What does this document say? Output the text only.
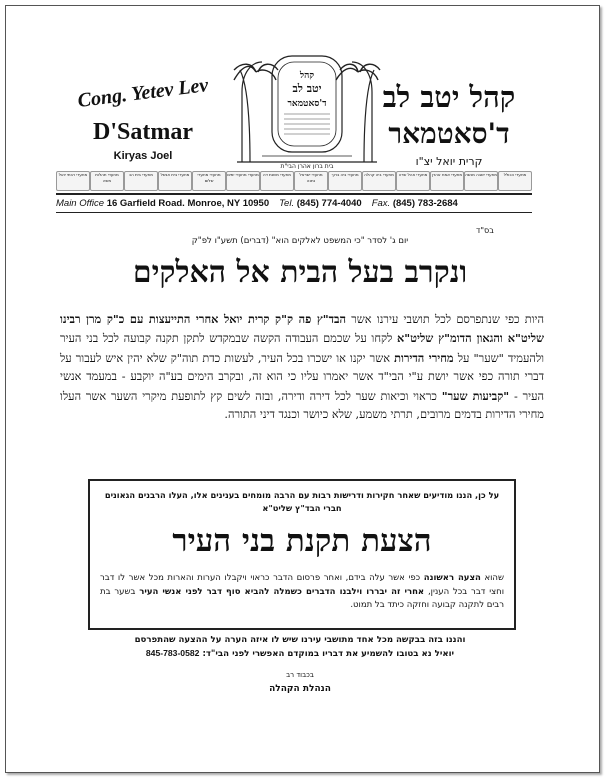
Cong. Yetev Lev
D'Satmar
Kiryas Joel
קהל
יטב לב
ד'סאטמאר
בית ברון אהרן הבי"ת
קהל יטב לב
ד'סאטמאר
קרית יואל יצ"ו
מחעדי הכולל
מחעדי ישבה מנשה
מחעדי אמח אהרן
מחעדי אהל שרה
מחעדי ביה קהלה
מחעדי ביה ברוך
מחעדי ישראל נתנה
מחעדי משנת דה
מחעדי מחעדי ימים
מחעדי מחעדי שלום
מחעדי בית אנשל
מחעדי בית הכ
מחעדי תהלות משה
מחעדי רבתי יואל
Main Office 16 Garfield Road. Monroe, NY 10950 Tel. (845) 774-4040 Fax. (845) 783-2684
בס"ד
יום ג' לסדר "כי המשפט לאלקים הוא" (דברים) תשע"ו לפ"ק
ונקרב בעל הבית אל האלקים
היות כפי שנתפרסם לכל תושבי עירנו אשר הבד"ץ פה ק"ק קרית יואל אחרי התייעצות עם כ"ק מרן רבינו שליט"א והגאון הדומ"ץ שליט"א לקחו על שכמם העבודה הקשה שבמקדש לתקן תקנה קבועה לכל בני העיר ולהעמיד "שער" על מחירי הדירות אשר יקנו או ישכרו בכל העיר, לעשות כדת תוה"ק שלא יהין איש לעבור על דברי תורה כפי אשר יושת ע"י הבי"ד אשר יאמרו עליו כי הוא זה, ובקרב הימים בע"ה יוקבע - במעמד אנשי העיר - "קביעות שער" כראוי וכיאות שער לכל דירה ודירה, ובזה לשים קץ לתופעת מיקרי השער אשר העלו מחירי הדירות בדמים מרובים, תרתי משמע, שלא כיושר וכנגד דיני התורה.
על כן, הננו מודיעים שאחר חקירות ודרישות רבות עם הרבה מומחים בענינים אלו, העלו הרבנים הגאונים חברי הבד"ץ שליט"א
הצעת תקנת בני העיר
שהוא הצעה ראשונה כפי אשר עלה בידם, ואחר פרסום הדבר כראוי ויקבלו הערות והארות מכל אשר לו דבר וחצי דבר בכל הענין, אחרי זה יבררו וילבנו הדברים כשמלה להביא סוף דבר לפני אנשי העיר בשער בת רבים לתקנה קבועה וחזקה כיתד בל תמוט.
והננו בזה בבקשה מכל אחד מתושבי עירנו שיש לו איזה הערה על ההצעה שהתפרסם
יואיל נא בטובו להשמיע את דבריו במוקדם האפשרי לפני הבי"ד: 845-783-0582
בכבוד רב
הנהלת הקהלה
